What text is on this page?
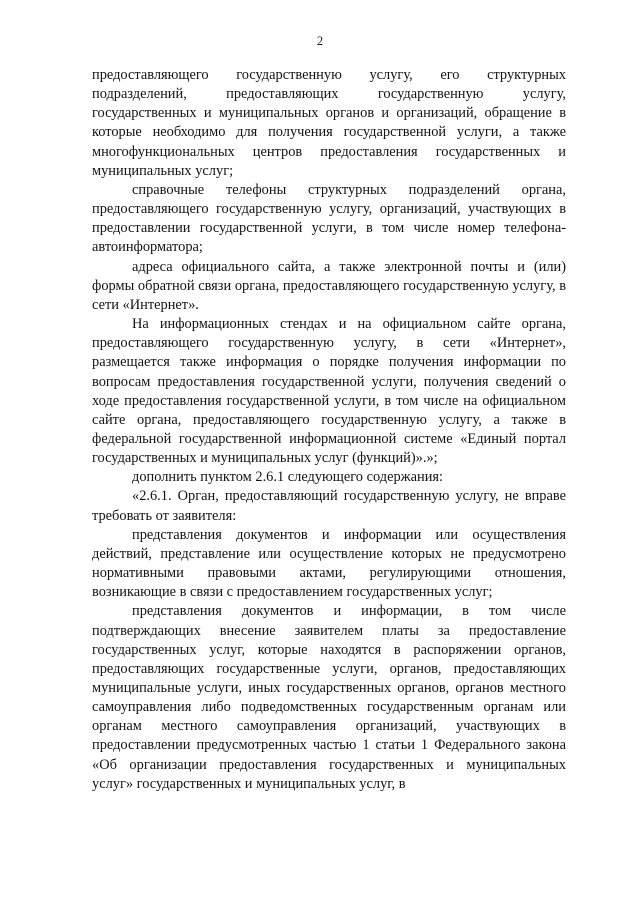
2

предоставляющего государственную услугу, его структурных подразделений, предоставляющих государственную услугу, государственных и муниципальных органов и организаций, обращение в которые необходимо для получения государственной услуги, а также многофункциональных центров предоставления государственных и муниципальных услуг;

справочные телефоны структурных подразделений органа, предоставляющего государственную услугу, организаций, участвующих в предоставлении государственной услуги, в том числе номер телефона-автоинформатора;

адреса официального сайта, а также электронной почты и (или) формы обратной связи органа, предоставляющего государственную услугу, в сети «Интернет».

На информационных стендах и на официальном сайте органа, предоставляющего государственную услугу, в сети «Интернет», размещается также информация о порядке получения информации по вопросам предоставления государственной услуги, получения сведений о ходе предоставления государственной услуги, в том числе на официальном сайте органа, предоставляющего государственную услугу, а также в федеральной государственной информационной системе «Единый портал государственных и муниципальных услуг (функций)».»;

дополнить пунктом 2.6.1 следующего содержания:

«2.6.1. Орган, предоставляющий государственную услугу, не вправе требовать от заявителя:

представления документов и информации или осуществления действий, представление или осуществление которых не предусмотрено нормативными правовыми актами, регулирующими отношения, возникающие в связи с предоставлением государственных услуг;

представления документов и информации, в том числе подтверждающих внесение заявителем платы за предоставление государственных услуг, которые находятся в распоряжении органов, предоставляющих государственные услуги, органов, предоставляющих муниципальные услуги, иных государственных органов, органов местного самоуправления либо подведомственных государственным органам или органам местного самоуправления организаций, участвующих в предоставлении предусмотренных частью 1 статьи 1 Федерального закона «Об организации предоставления государственных и муниципальных услуг» государственных и муниципальных услуг, в
